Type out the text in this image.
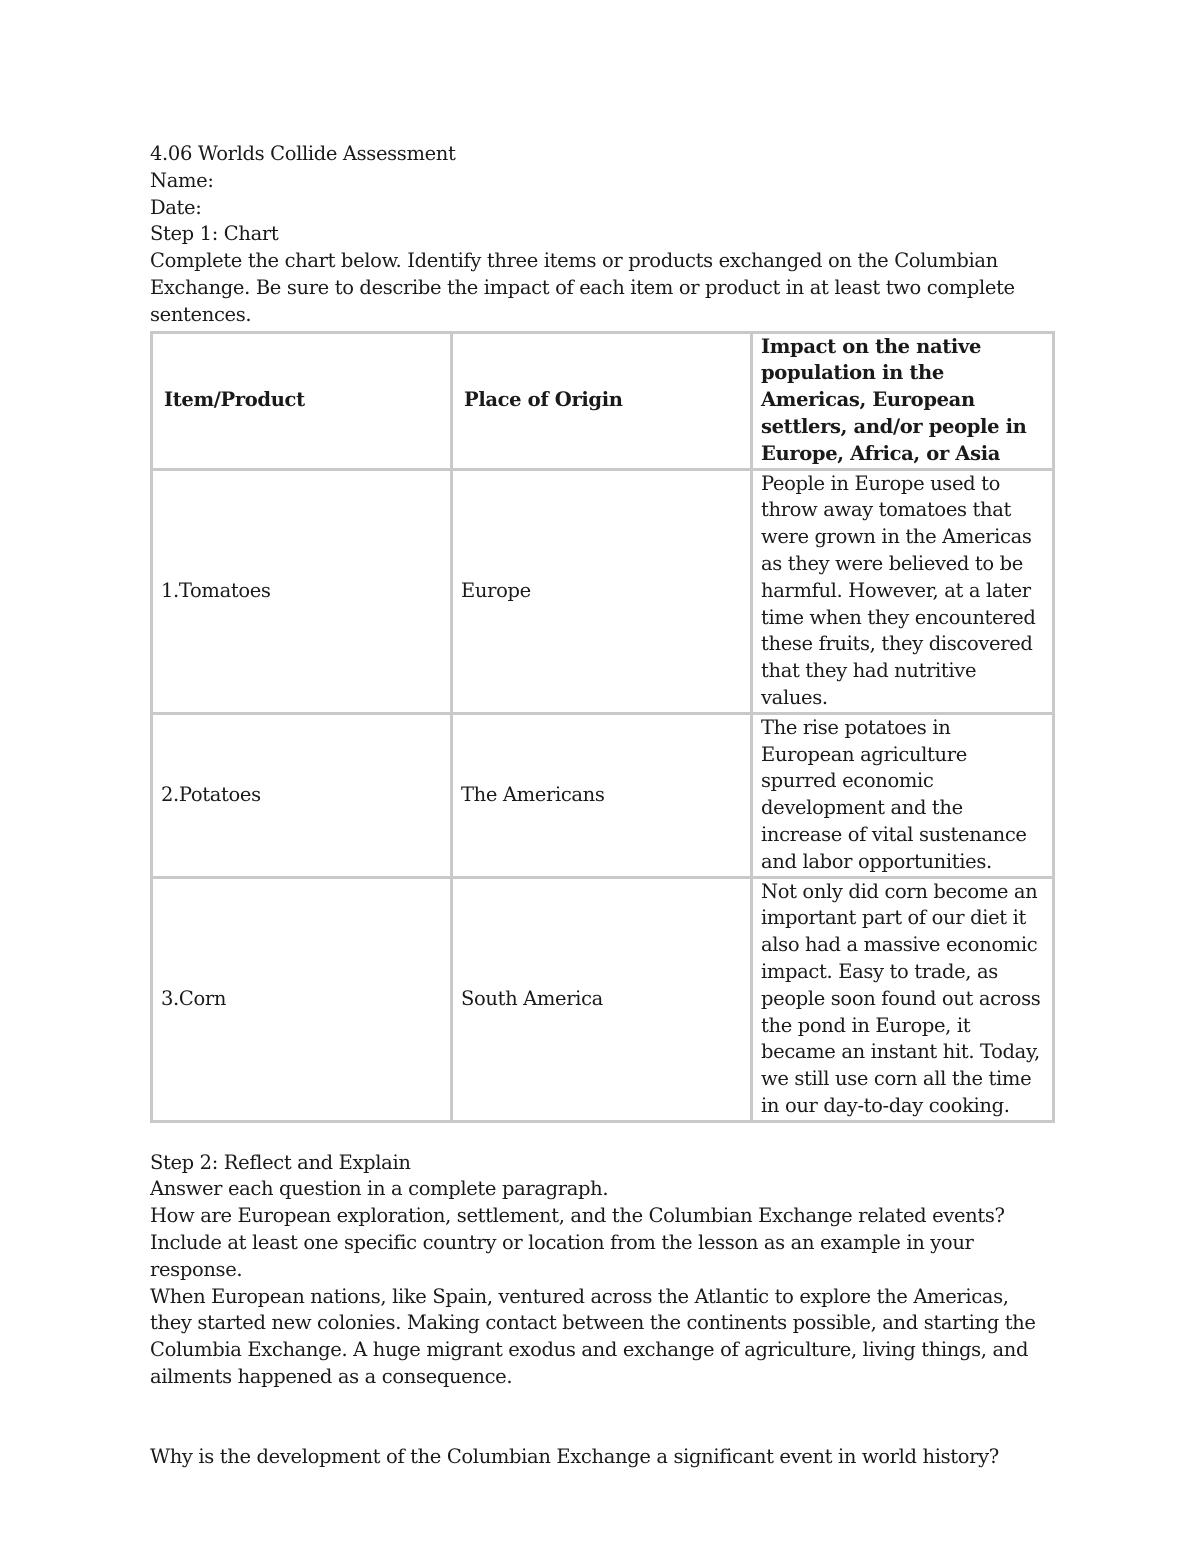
4.06 Worlds Collide Assessment

Name:

Date:

Step 1: Chart

Complete the chart below. Identify three items or products exchanged on the Columbian Exchange. Be sure to describe the impact of each item or product in at least two complete sentences.

Item/Product	Place of Origin	Impact on the native population in the Americas, European settlers, and/or people in Europe, Africa, or Asia
1.Tomatoes	Europe	People in Europe used to throw away tomatoes that were grown in the Americas as they were believed to be harmful. However, at a later time when they encountered these fruits, they discovered that they had nutritive values.
2.Potatoes	The Americans	The rise potatoes in European agriculture spurred economic development and the increase of vital sustenance and labor opportunities.
3.Corn	South America	Not only did corn become an important part of our diet it also had a massive economic impact. Easy to trade, as people soon found out across the pond in Europe, it became an instant hit. Today, we still use corn all the time in our day-to-day cooking.

Step 2: Reflect and Explain

Answer each question in a complete paragraph.

How are European exploration, settlement, and the Columbian Exchange related events? Include at least one specific country or location from the lesson as an example in your response.

When European nations, like Spain, ventured across the Atlantic to explore the Americas, they started new colonies. Making contact between the continents possible, and starting the Columbia Exchange. A huge migrant exodus and exchange of agriculture, living things, and ailments happened as a consequence.

Why is the development of the Columbian Exchange a significant event in world history?
